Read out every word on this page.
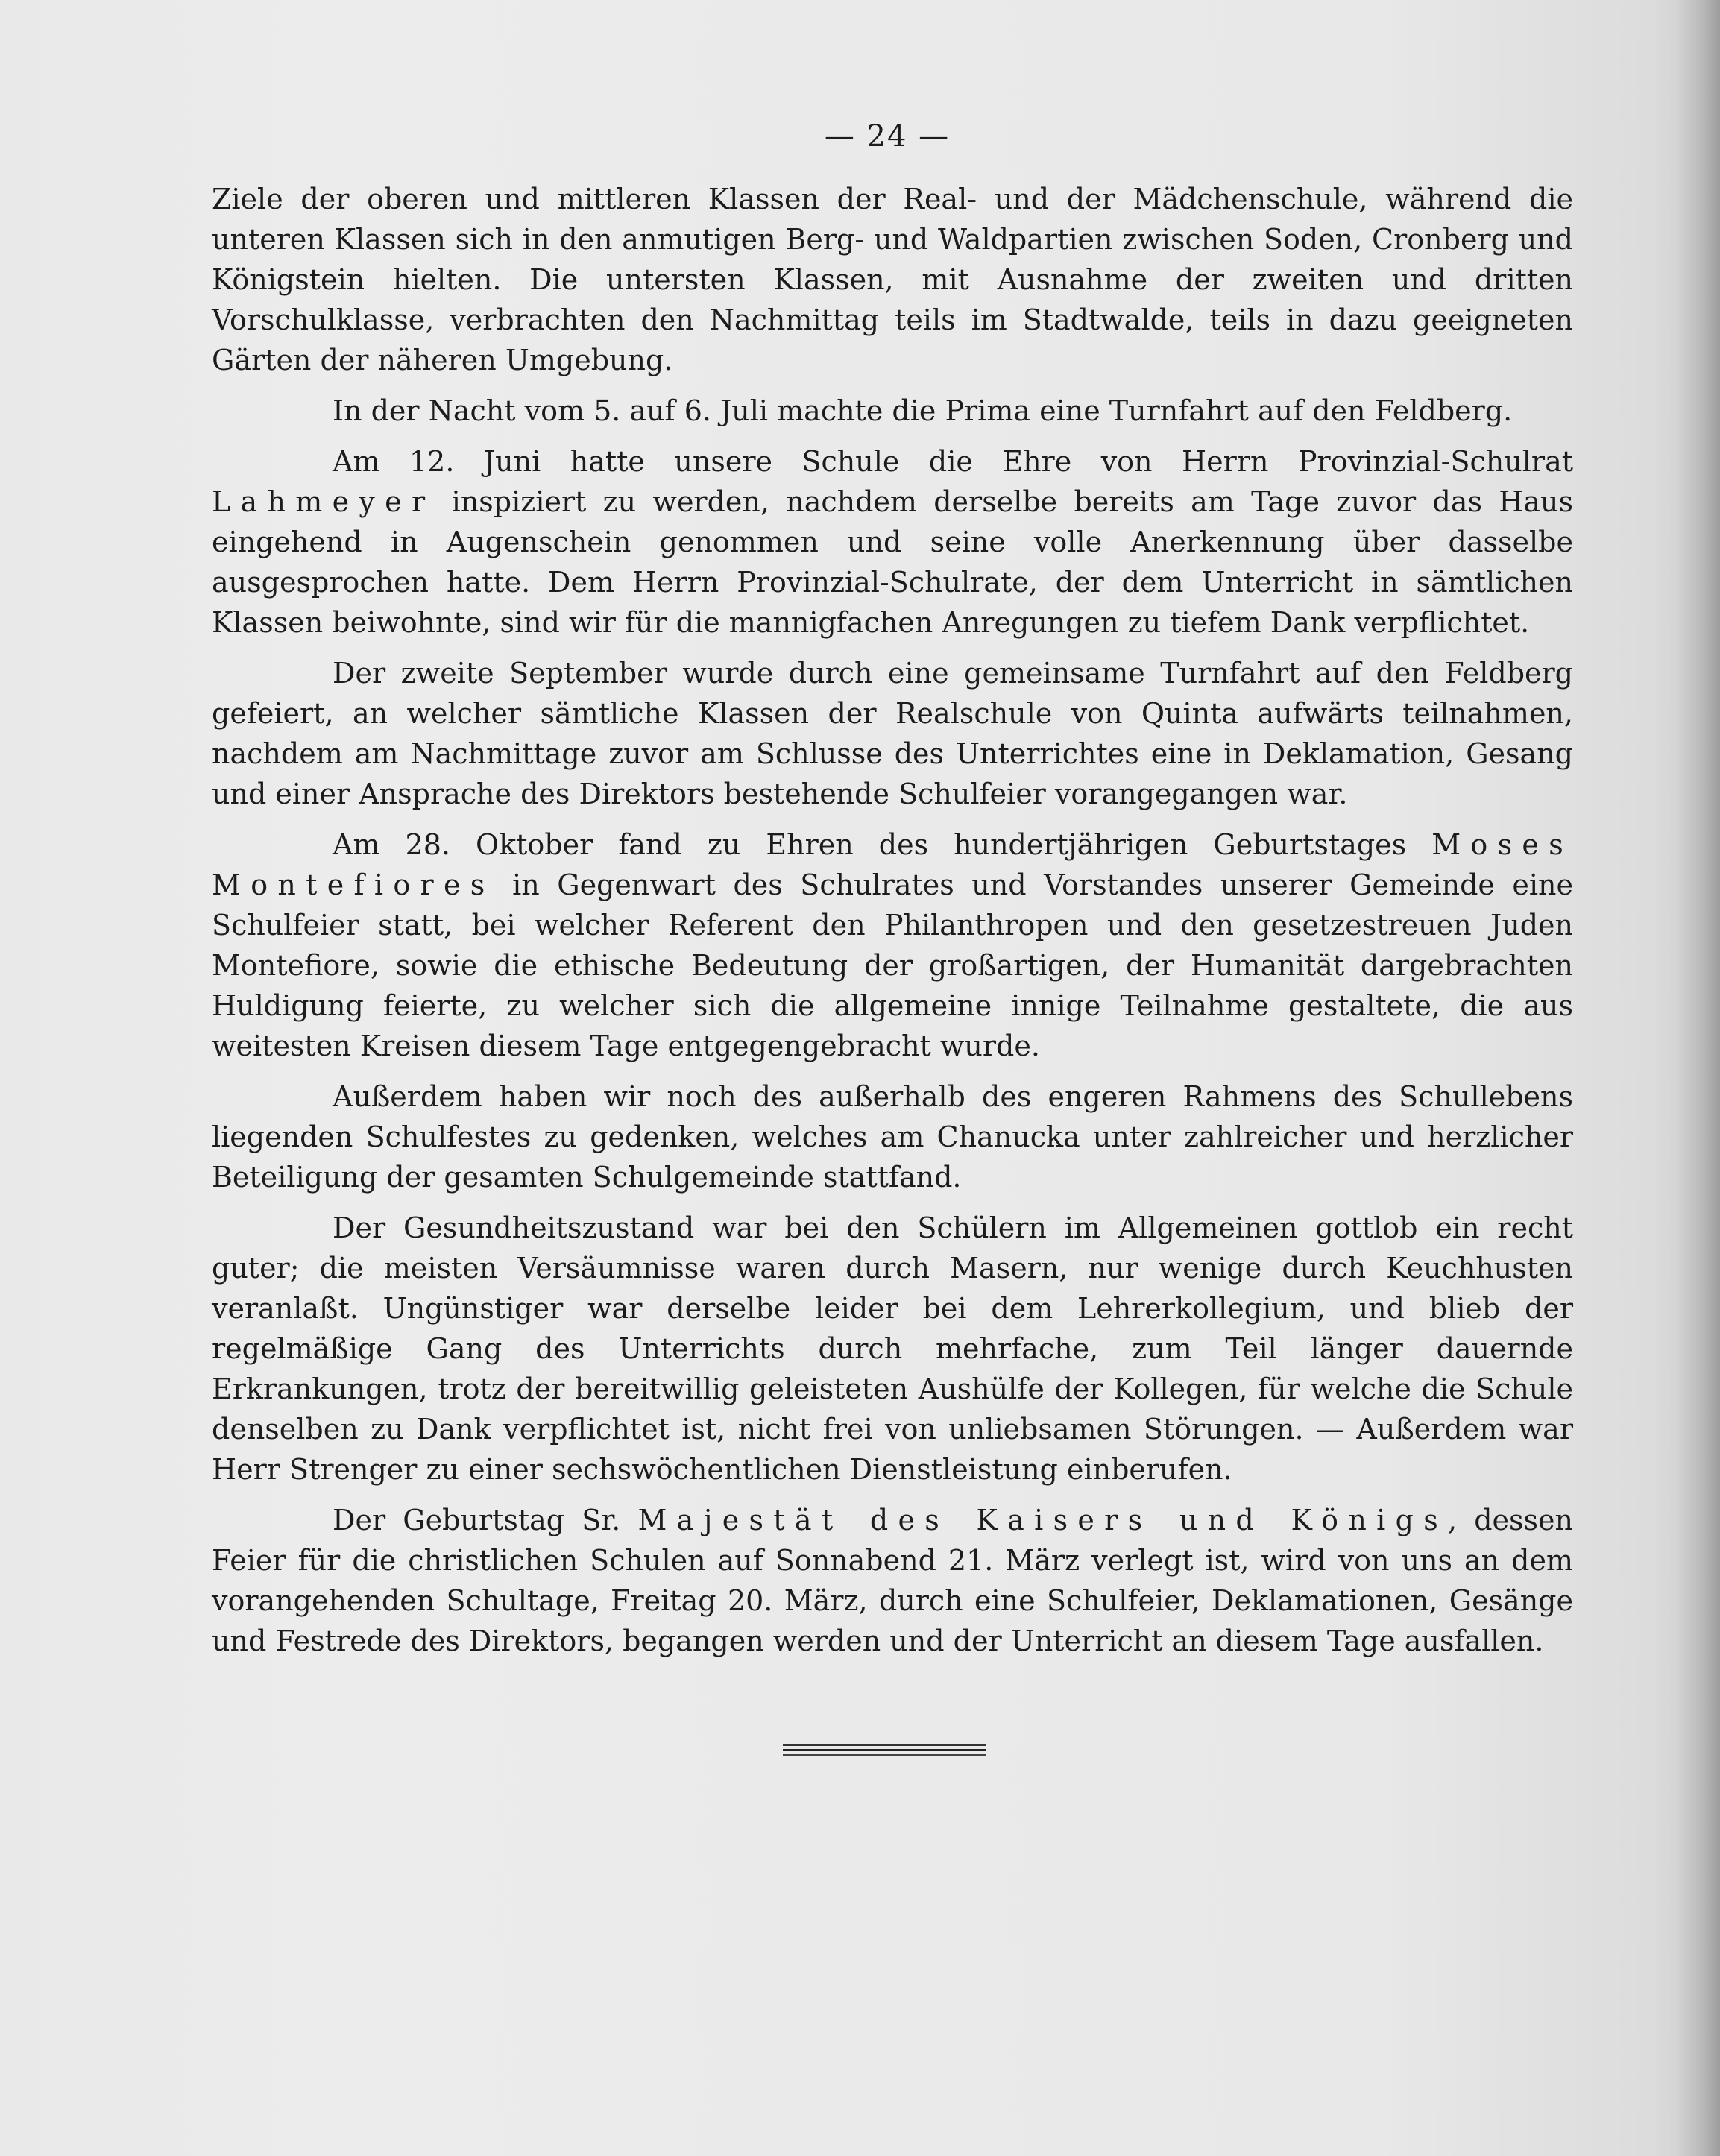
— 24 —

Ziele der oberen und mittleren Klassen der Real- und der Mädchenschule, während die unteren Klassen sich in den anmutigen Berg- und Waldpartien zwischen Soden, Cronberg und Königstein hielten. Die untersten Klassen, mit Ausnahme der zweiten und dritten Vorschulklasse, verbrachten den Nachmittag teils im Stadtwalde, teils in dazu geeigneten Gärten der näheren Umgebung.

In der Nacht vom 5. auf 6. Juli machte die Prima eine Turnfahrt auf den Feldberg.

Am 12. Juni hatte unsere Schule die Ehre von Herrn Provinzial-Schulrat Lahmeyer inspiziert zu werden, nachdem derselbe bereits am Tage zuvor das Haus eingehend in Augenschein genommen und seine volle Anerkennung über dasselbe ausgesprochen hatte. Dem Herrn Provinzial-Schulrate, der dem Unterricht in sämtlichen Klassen beiwohnte, sind wir für die mannigfachen Anregungen zu tiefem Dank verpflichtet.

Der zweite September wurde durch eine gemeinsame Turnfahrt auf den Feldberg gefeiert, an welcher sämtliche Klassen der Realschule von Quinta aufwärts teilnahmen, nachdem am Nachmittage zuvor am Schlusse des Unterrichtes eine in Deklamation, Gesang und einer Ansprache des Direktors bestehende Schulfeier vorangegangen war.

Am 28. Oktober fand zu Ehren des hundertjährigen Geburtstages Moses Montefiores in Gegenwart des Schulrates und Vorstandes unserer Gemeinde eine Schulfeier statt, bei welcher Referent den Philanthropen und den gesetzestreuen Juden Montefiore, sowie die ethische Bedeutung der großartigen, der Humanität dargebrachten Huldigung feierte, zu welcher sich die allgemeine innige Teilnahme gestaltete, die aus weitesten Kreisen diesem Tage entgegengebracht wurde.

Außerdem haben wir noch des außerhalb des engeren Rahmens des Schullebens liegenden Schulfestes zu gedenken, welches am Chanucka unter zahlreicher und herzlicher Beteiligung der gesamten Schulgemeinde stattfand.

Der Gesundheitszustand war bei den Schülern im Allgemeinen gottlob ein recht guter; die meisten Versäumnisse waren durch Masern, nur wenige durch Keuchhusten veranlaßt. Ungünstiger war derselbe leider bei dem Lehrerkollegium, und blieb der regelmäßige Gang des Unterrichts durch mehrfache, zum Teil länger dauernde Erkrankungen, trotz der bereitwillig geleisteten Aushülfe der Kollegen, für welche die Schule denselben zu Dank verpflichtet ist, nicht frei von unliebsamen Störungen. — Außerdem war Herr Strenger zu einer sechswöchentlichen Dienstleistung einberufen.

Der Geburtstag Sr. Majestät des Kaisers und Königs, dessen Feier für die christlichen Schulen auf Sonnabend 21. März verlegt ist, wird von uns an dem vorangehenden Schultage, Freitag 20. März, durch eine Schulfeier, Deklamationen, Gesänge und Festrede des Direktors, begangen werden und der Unterricht an diesem Tage ausfallen.
